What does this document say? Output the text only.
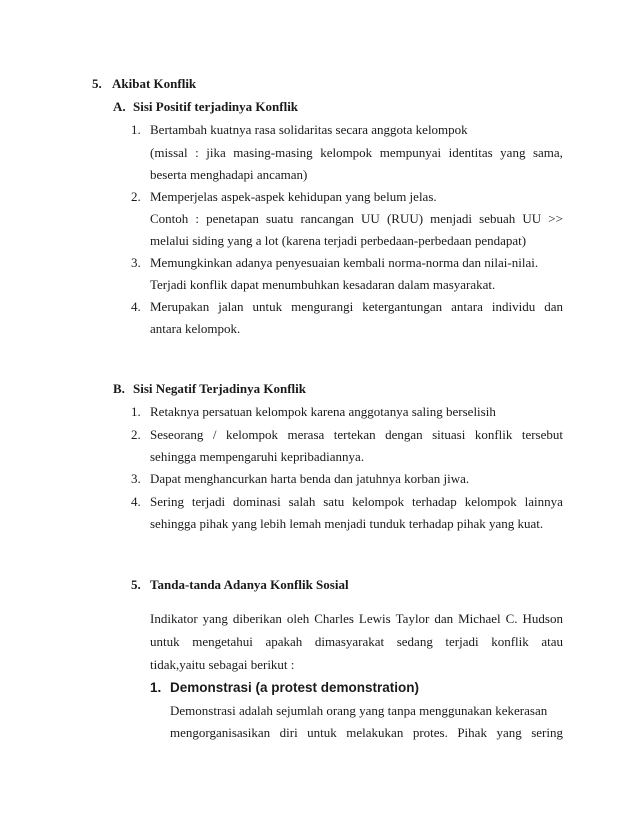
5. Akibat Konflik
A. Sisi Positif terjadinya Konflik
1. Bertambah kuatnya rasa solidaritas secara anggota kelompok
(missal : jika masing-masing kelompok mempunyai identitas yang sama,
beserta menghadapi ancaman)
2. Memperjelas aspek-aspek kehidupan yang belum jelas.
Contoh : penetapan suatu rancangan UU (RUU) menjadi sebuah UU >>
melalui siding yang a lot (karena terjadi perbedaan-perbedaan pendapat)
3. Memungkinkan adanya penyesuaian kembali norma-norma dan nilai-nilai.
Terjadi konflik dapat menumbuhkan kesadaran dalam masyarakat.
4. Merupakan jalan untuk mengurangi ketergantungan antara individu dan
antara kelompok.
B. Sisi Negatif Terjadinya Konflik
1. Retaknya persatuan kelompok karena anggotanya saling berselisih
2. Seseorang / kelompok merasa tertekan dengan situasi konflik tersebut
sehingga mempengaruhi kepribadiannya.
3. Dapat menghancurkan harta benda dan jatuhnya korban jiwa.
4. Sering terjadi dominasi salah satu kelompok terhadap kelompok lainnya
sehingga pihak yang lebih lemah menjadi tunduk terhadap pihak yang kuat.
5. Tanda-tanda Adanya Konflik Sosial
Indikator yang diberikan oleh Charles Lewis Taylor dan Michael C. Hudson
untuk mengetahui apakah dimasyarakat sedang terjadi konflik atau
tidak,yaitu sebagai berikut :
1. Demonstrasi (a protest demonstration)
Demonstrasi adalah sejumlah orang yang tanpa menggunakan kekerasan
mengorganisasikan diri untuk melakukan protes. Pihak yang sering
